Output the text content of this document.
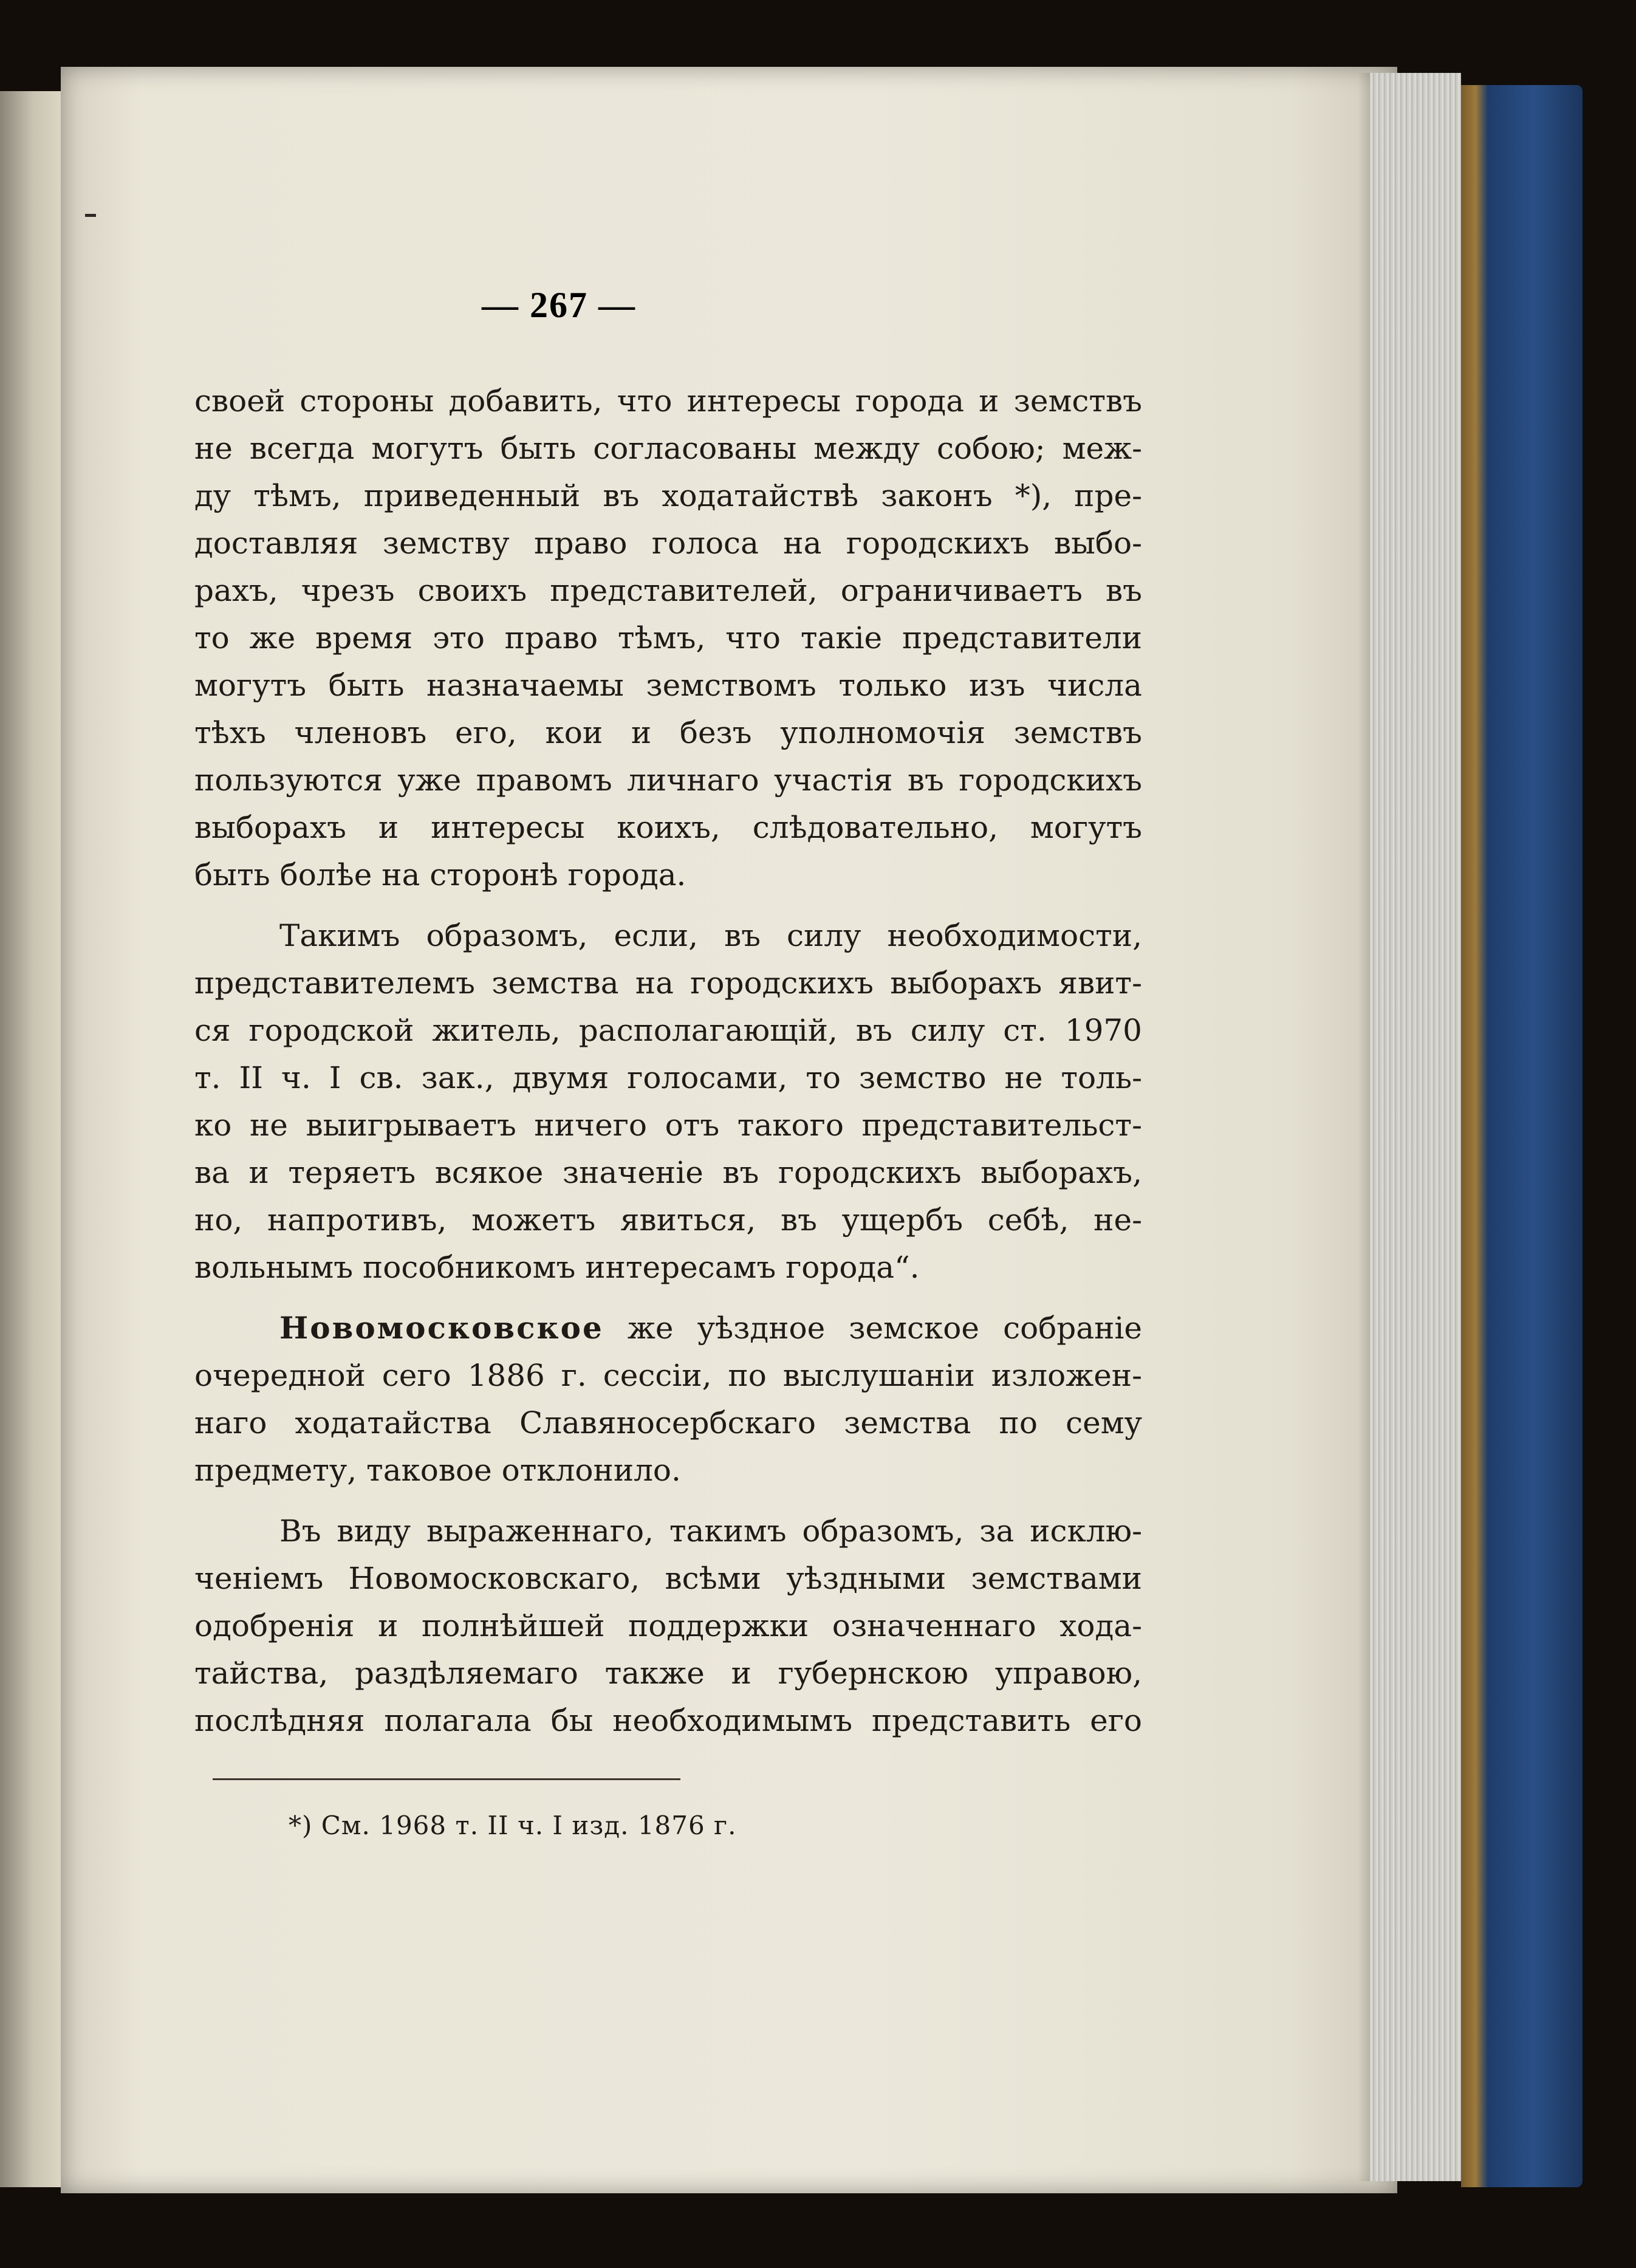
— 267 —
своей стороны добавить, что интересы города и земствъ
не всегда могутъ быть согласованы между собою; меж-
ду тѣмъ, приведенный въ ходатайствѣ законъ *), пре-
доставляя земству право голоса на городскихъ выбо-
рахъ, чрезъ своихъ представителей, ограничиваетъ въ
то же время это право тѣмъ, что такіе представители
могутъ быть назначаемы земствомъ только изъ числа
тѣхъ членовъ его, кои и безъ уполномочія земствъ
пользуются уже правомъ личнаго участія въ городскихъ
выборахъ и интересы коихъ, слѣдовательно, могутъ
быть болѣе на сторонѣ города.
Такимъ образомъ, если, въ силу необходимости,
представителемъ земства на городскихъ выборахъ явит-
ся городской житель, располагающій, въ силу ст. 1970
т. II ч. I св. зак., двумя голосами, то земство не толь-
ко не выигрываетъ ничего отъ такого представительст-
ва и теряетъ всякое значеніе въ городскихъ выборахъ,
но, напротивъ, можетъ явиться, въ ущербъ себѣ, не-
вольнымъ пособникомъ интересамъ города“.
Новомосковское же уѣздное земское собраніе
очередной сего 1886 г. сессіи, по выслушаніи изложен-
наго ходатайства Славяносербскаго земства по сему
предмету, таковое отклонило.
Въ виду выраженнаго, такимъ образомъ, за исклю-
ченіемъ Новомосковскаго, всѣми уѣздными земствами
одобренія и полнѣйшей поддержки означеннаго хода-
тайства, раздѣляемаго также и губернскою управою,
послѣдняя полагала бы необходимымъ представить его
*) См. 1968 т. II ч. I изд. 1876 г.
